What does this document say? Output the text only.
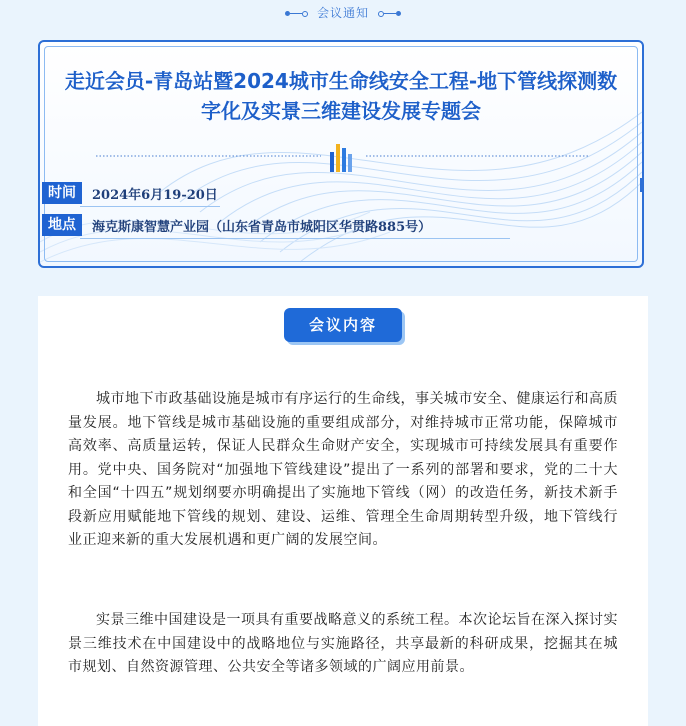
会议通知
走近会员-青岛站暨2024城市生命线安全工程-地下管线探测数
字化及实景三维建设发展专题会
时间	2024年6月19-20日
地点	海克斯康智慧产业园（山东省青岛市城阳区华贯路885号）
会议内容

城市地下市政基础设施是城市有序运行的生命线，事关城市安全、健康运行和高质量发展。地下管线是城市基础设施的重要组成部分，对维持城市正常功能，保障城市高效率、高质量运转，保证人民群众生命财产安全，实现城市可持续发展具有重要作用。党中央、国务院对“加强地下管线建设”提出了一系列的部署和要求，党的二十大和全国“十四五”规划纲要亦明确提出了实施地下管线（网）的改造任务，新技术新手段新应用赋能地下管线的规划、建设、运维、管理全生命周期转型升级，地下管线行业正迎来新的重大发展机遇和更广阔的发展空间。

实景三维中国建设是一项具有重要战略意义的系统工程。本次论坛旨在深入探讨实景三维技术在中国建设中的战略地位与实施路径，共享最新的科研成果，挖掘其在城市规划、自然资源管理、公共安全等诸多领域的广阔应用前景。
